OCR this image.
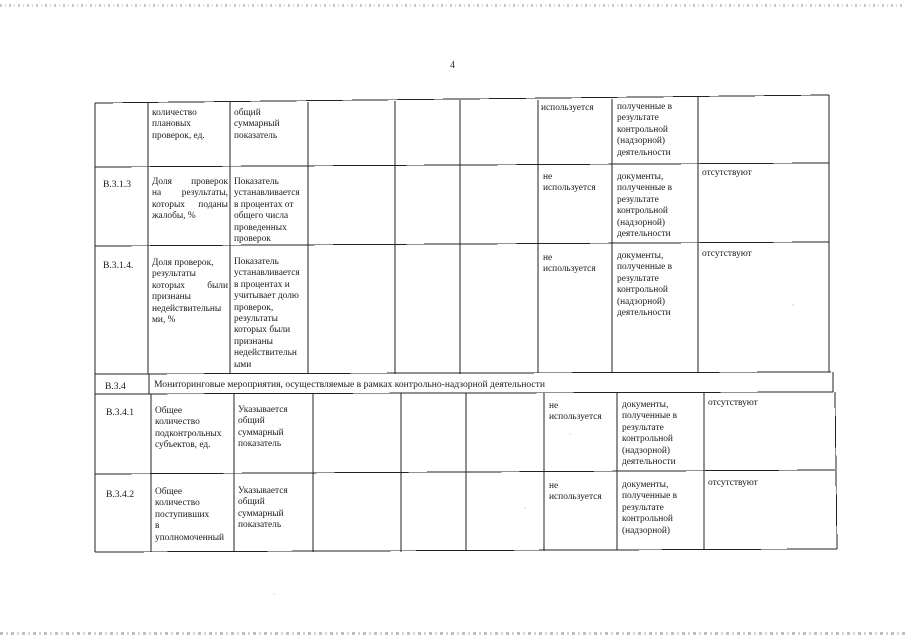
4
количество
плановых
проверок, ед.
общий
суммарный
показатель
используется полученные в
результате
контрольной
(надзорной)
деятельности
В.3.1.3 Доля проверок
на результаты,
которых поданы
жалобы, %
Показатель
устанавливается
в процентах от
общего числа
проведенных
проверок
не
используется
документы,
полученные в
результате
контрольной
(надзорной)
деятельности
отсутствуют
В.3.1.4. Доля проверок,
результаты
которых были
признаны
недействительны
ми, %
Показатель
устанавливается
в процентах и
учитывает долю
проверок,
результаты
которых были
признаны
недействительн
ыми
не
используется
документы,
полученные в
результате
контрольной
(надзорной)
деятельности
отсутствуют
В.3.4	Мониторинговые мероприятия, осуществляемые в рамках контрольно-надзорной деятельности
В.3.4.1 Общее
количество
подконтрольных
субъектов, ед.
Указывается
общий
суммарный
показатель
не
используется
документы,
полученные в
результате
контрольной
(надзорной)
деятельности
отсутствуют
В.3.4.2 Общее
количество
поступивших
в
уполномоченный
Указывается
общий
суммарный
показатель
не
используется
документы,
полученные в
результате
контрольной
(надзорной)
отсутствуют
